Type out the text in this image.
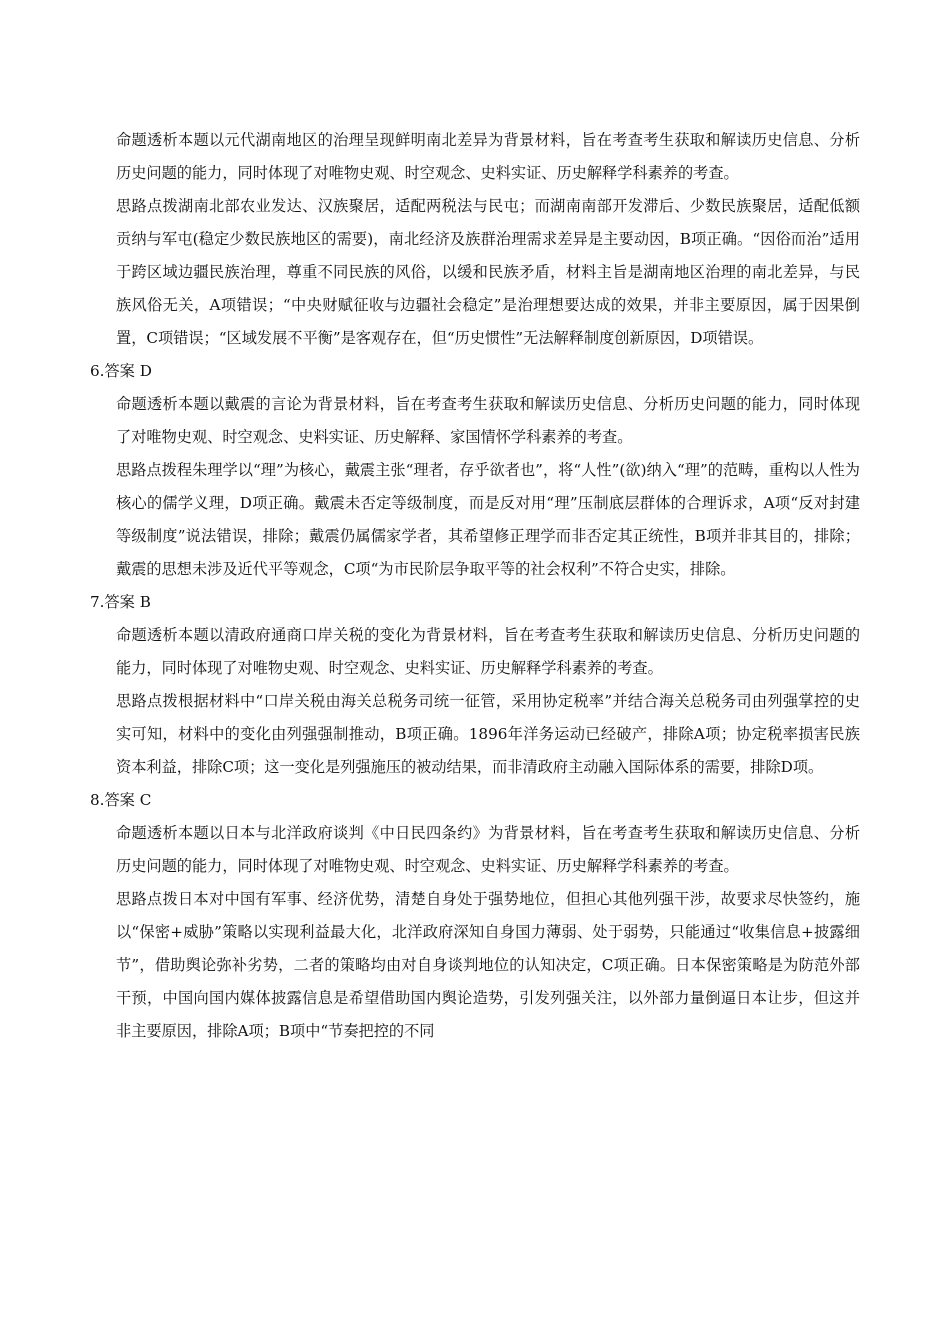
命题透析本题以元代湖南地区的治理呈现鲜明南北差异为背景材料，旨在考查考生获取和解读历史信息、分析历史问题的能力，同时体现了对唯物史观、时空观念、史料实证、历史解释学科素养的考查。

思路点拨湖南北部农业发达、汉族聚居，适配两税法与民屯；而湖南南部开发滞后、少数民族聚居，适配低额贡纳与军屯(稳定少数民族地区的需要)，南北经济及族群治理需求差异是主要动因，B项正确。“因俗而治”适用于跨区域边疆民族治理，尊重不同民族的风俗，以缓和民族矛盾，材料主旨是湖南地区治理的南北差异，与民族风俗无关，A项错误；“中央财赋征收与边疆社会稳定”是治理想要达成的效果，并非主要原因，属于因果倒置，C项错误；“区域发展不平衡”是客观存在，但“历史惯性”无法解释制度创新原因，D项错误。

6.答案 D

命题透析本题以戴震的言论为背景材料，旨在考查考生获取和解读历史信息、分析历史问题的能力，同时体现了对唯物史观、时空观念、史料实证、历史解释、家国情怀学科素养的考查。

思路点拨程朱理学以“理”为核心，戴震主张“理者，存乎欲者也”，将“人性”(欲)纳入“理”的范畴，重构以人性为核心的儒学义理，D项正确。戴震未否定等级制度，而是反对用“理”压制底层群体的合理诉求，A项“反对封建等级制度”说法错误，排除；戴震仍属儒家学者，其希望修正理学而非否定其正统性，B项并非其目的，排除；戴震的思想未涉及近代平等观念，C项“为市民阶层争取平等的社会权利”不符合史实，排除。

7.答案 B

命题透析本题以清政府通商口岸关税的变化为背景材料，旨在考查考生获取和解读历史信息、分析历史问题的能力，同时体现了对唯物史观、时空观念、史料实证、历史解释学科素养的考查。

思路点拨根据材料中“口岸关税由海关总税务司统一征管，采用协定税率”并结合海关总税务司由列强掌控的史实可知，材料中的变化由列强强制推动，B项正确。1896年洋务运动已经破产，排除A项；协定税率损害民族资本利益，排除C项；这一变化是列强施压的被动结果，而非清政府主动融入国际体系的需要，排除D项。

8.答案 C

命题透析本题以日本与北洋政府谈判《中日民四条约》为背景材料，旨在考查考生获取和解读历史信息、分析历史问题的能力，同时体现了对唯物史观、时空观念、史料实证、历史解释学科素养的考查。

思路点拨日本对中国有军事、经济优势，清楚自身处于强势地位，但担心其他列强干涉，故要求尽快签约，施以“保密+威胁”策略以实现利益最大化，北洋政府深知自身国力薄弱、处于弱势，只能通过“收集信息+披露细节”，借助舆论弥补劣势，二者的策略均由对自身谈判地位的认知决定，C项正确。日本保密策略是为防范外部干预，中国向国内媒体披露信息是希望借助国内舆论造势，引发列强关注，以外部力量倒逼日本让步，但这并非主要原因，排除A项；B项中“节奏把控的不同
